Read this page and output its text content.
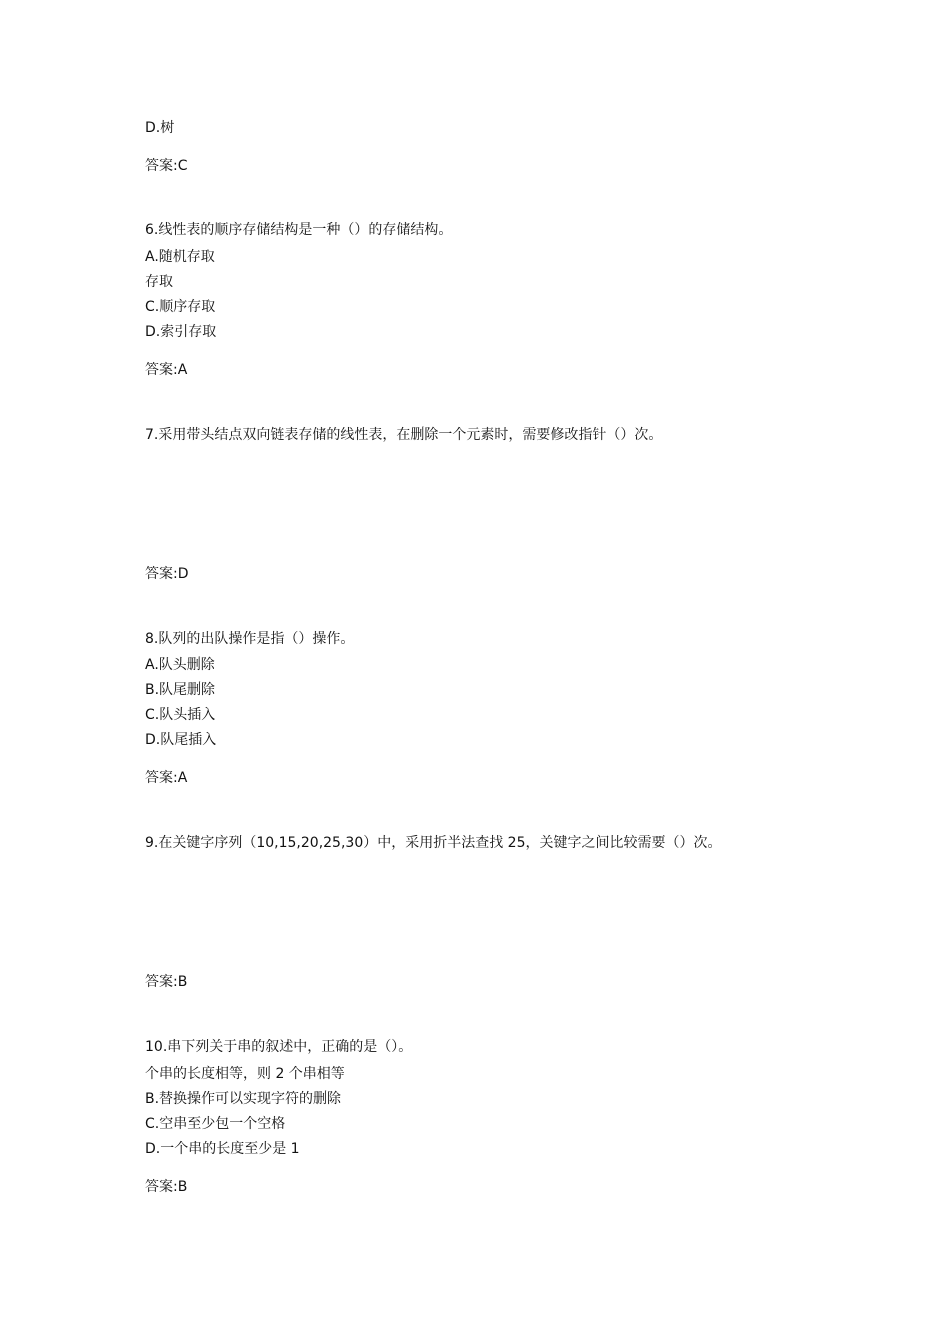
D.树
答案:C
6.线性表的顺序存储结构是一种（）的存储结构。
A.随机存取
存取
C.顺序存取
D.索引存取
答案:A
7.采用带头结点双向链表存储的线性表，在删除一个元素时，需要修改指针（）次。
答案:D
8.队列的出队操作是指（）操作。
A.队头删除
B.队尾删除
C.队头插入
D.队尾插入
答案:A
9.在关键字序列（10,15,20,25,30）中，采用折半法查找 25，关键字之间比较需要（）次。
答案:B
10.串下列关于串的叙述中，正确的是（）。
个串的长度相等，则 2 个串相等
B.替换操作可以实现字符的删除
C.空串至少包一个空格
D.一个串的长度至少是 1
答案:B
